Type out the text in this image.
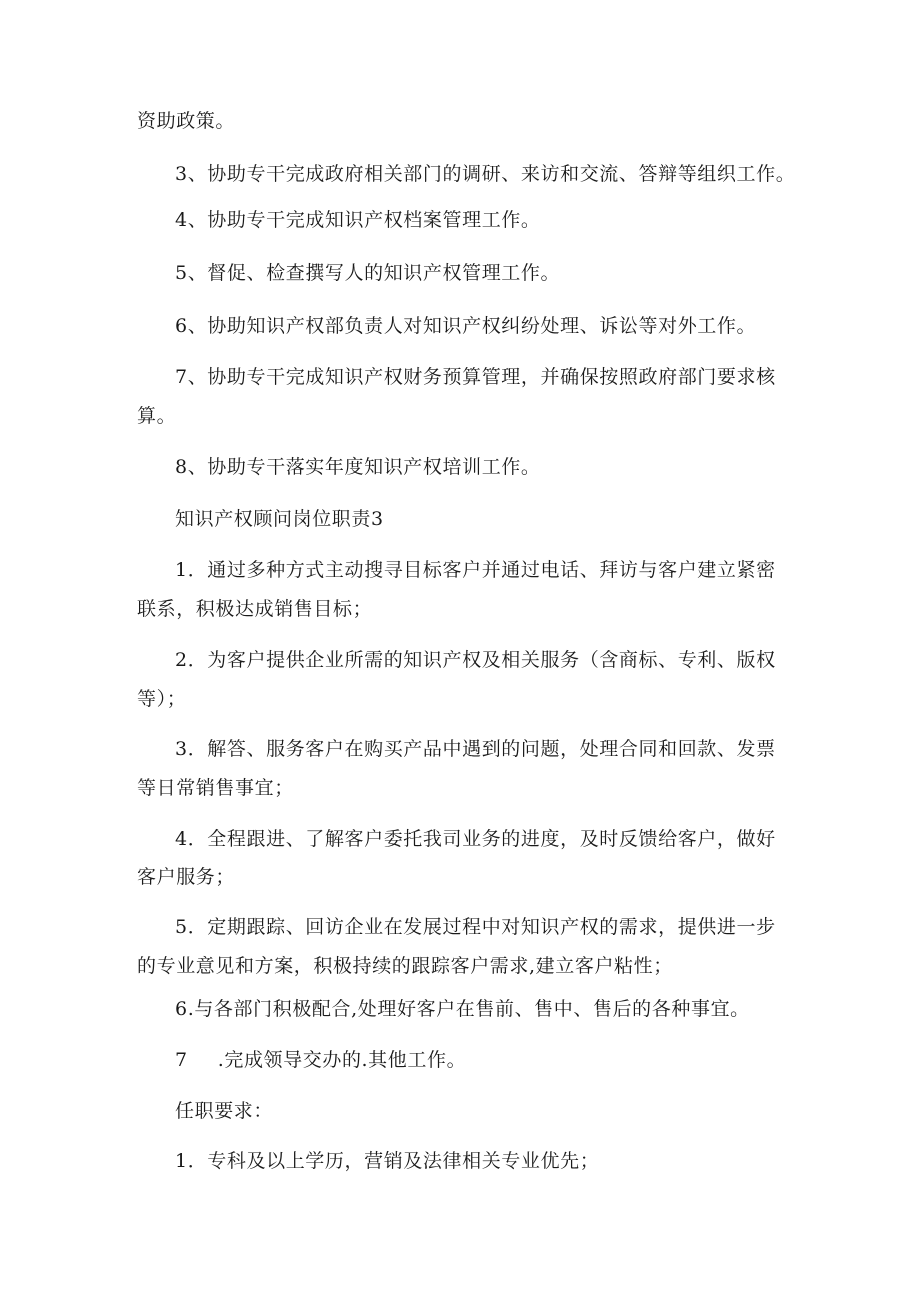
资助政策。
3、协助专干完成政府相关部门的调研、来访和交流、答辩等组织工作。
4、协助专干完成知识产权档案管理工作。
5、督促、检查撰写人的知识产权管理工作。
6、协助知识产权部负责人对知识产权纠纷处理、诉讼等对外工作。
7、协助专干完成知识产权财务预算管理，并确保按照政府部门要求核
算。
8、协助专干落实年度知识产权培训工作。
知识产权顾问岗位职责3
1．通过多种方式主动搜寻目标客户并通过电话、拜访与客户建立紧密
联系，积极达成销售目标；
2．为客户提供企业所需的知识产权及相关服务（含商标、专利、版权
等）；
3．解答、服务客户在购买产品中遇到的问题，处理合同和回款、发票
等日常销售事宜；
4．全程跟进、了解客户委托我司业务的进度，及时反馈给客户，做好
客户服务；
5．定期跟踪、回访企业在发展过程中对知识产权的需求，提供进一步
的专业意见和方案，积极持续的跟踪客户需求,建立客户粘性；
6.与各部门积极配合,处理好客户在售前、售中、售后的各种事宜。
7 .完成领导交办的.其他工作。
任职要求：
1．专科及以上学历，营销及法律相关专业优先；
